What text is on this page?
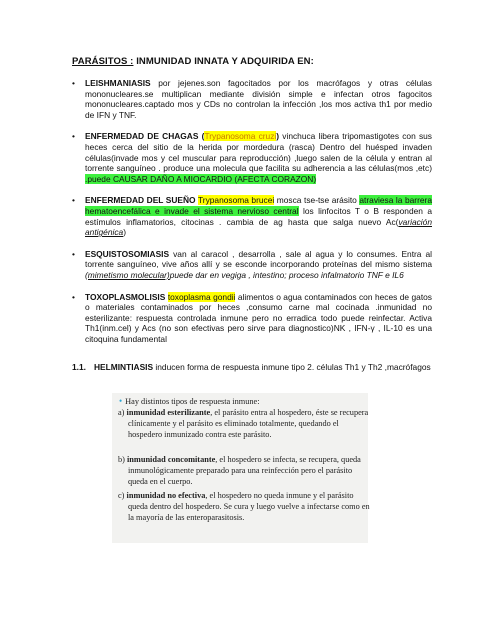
PARÁSITOS : INMUNIDAD INNATA Y ADQUIRIDA EN:
• LEISHMANIASIS por jejenes.son fagocitados por los macrófagos y otras células mononucleares.se multiplican mediante división simple e infectan otros fagocitos mononucleares.captado mos y CDs no controlan la infección ,los mos activa th1 por medio de IFN y TNF.
• ENFERMEDAD DE CHAGAS (Trypanosoma cruzi) vinchuca libera tripomastigotes con sus heces cerca del sitio de la herida por mordedura (rasca) Dentro del huésped invaden células(invade mos y cel muscular para reproducción) ,luego salen de la célula y entran al torrente sanguíneo . produce una molecula que facilita su adherencia a las células(mos ,etc) .puede CAUSAR DAÑO A MIOCARDIO (AFECTA CORAZON)
• ENFERMEDAD DEL SUEÑO Trypanosoma brucei mosca tse-tse arásito atraviesa la barrera hematoencefálica e invade el sistema nervioso central los linfocitos T o B responden a estímulos inflamatorios, citocinas . cambia de ag hasta que salga nuevo Ac(variación antigénica)
• ESQUISTOSOMIASIS van al caracol , desarrolla , sale al agua y lo consumes. Entra al torrente sanguíneo, vive años allí y se esconde incorporando proteínas del mismo sistema (mimetismo molecular)puede dar en vegiga , intestino; proceso infalmatorio TNF e IL6
• TOXOPLASMOLISIS toxoplasma gondii alimentos o agua contaminados con heces de gatos o materiales contaminados por heces ,consumo carne mal cocinada .inmunidad no esterilizante: respuesta controlada inmune pero no erradica todo puede reinfectar. Activa Th1(inm.cel) y Acs (no son efectivas pero sirve para diagnostico)NK , IFN-γ , IL-10 es una citoquina fundamental
1.1. HELMINTIASIS inducen forma de respuesta inmune tipo 2. células Th1 y Th2 ,macrófagos
• Hay distintos tipos de respuesta inmune:
a) inmunidad esterilizante, el parásito entra al hospedero, éste se recupera clínicamente y el parásito es eliminado totalmente, quedando el hospedero inmunizado contra este parásito.
b) inmunidad concomitante, el hospedero se infecta, se recupera, queda inmunológicamente preparado para una reinfección pero el parásito queda en el cuerpo.
c) inmunidad no efectiva, el hospedero no queda inmune y el parásito queda dentro del hospedero. Se cura y luego vuelve a infectarse como en la mayoría de las enteroparasitosis.
